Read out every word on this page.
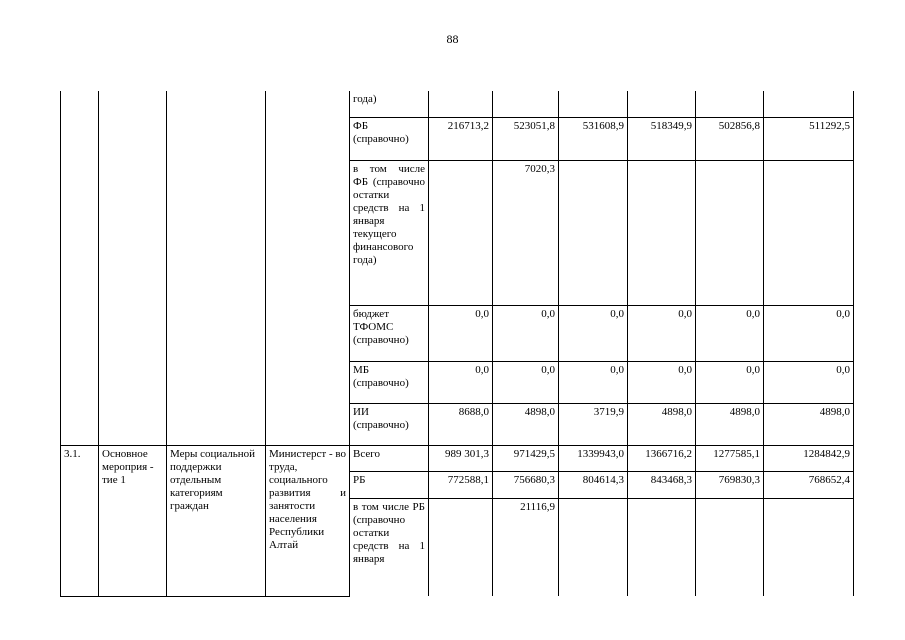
88
				года)						
				ФБ (справочно)	216713,2	523051,8	531608,9	518349,9	502856,8	511292,5
				в том числе ФБ (справочно остатки средств на 1 января текущего финансового года)		7020,3				
				бюджет ТФОМС (справочно)	0,0	0,0	0,0	0,0	0,0	0,0
				МБ (справочно)	0,0	0,0	0,0	0,0	0,0	0,0
				ИИ (справочно)	8688,0	4898,0	3719,9	4898,0	4898,0	4898,0
3.1.	Основное мероприя - тие 1	Меры социальной поддержки отдельным категориям граждан	Министерст - во труда, социального развития и занятости населения Республики Алтай	Всего	989 301,3	971429,5	1339943,0	1366716,2	1277585,1	1284842,9
				РБ	772588,1	756680,3	804614,3	843468,3	769830,3	768652,4
				в том числе РБ (справочно остатки средств на 1 января		21116,9				
